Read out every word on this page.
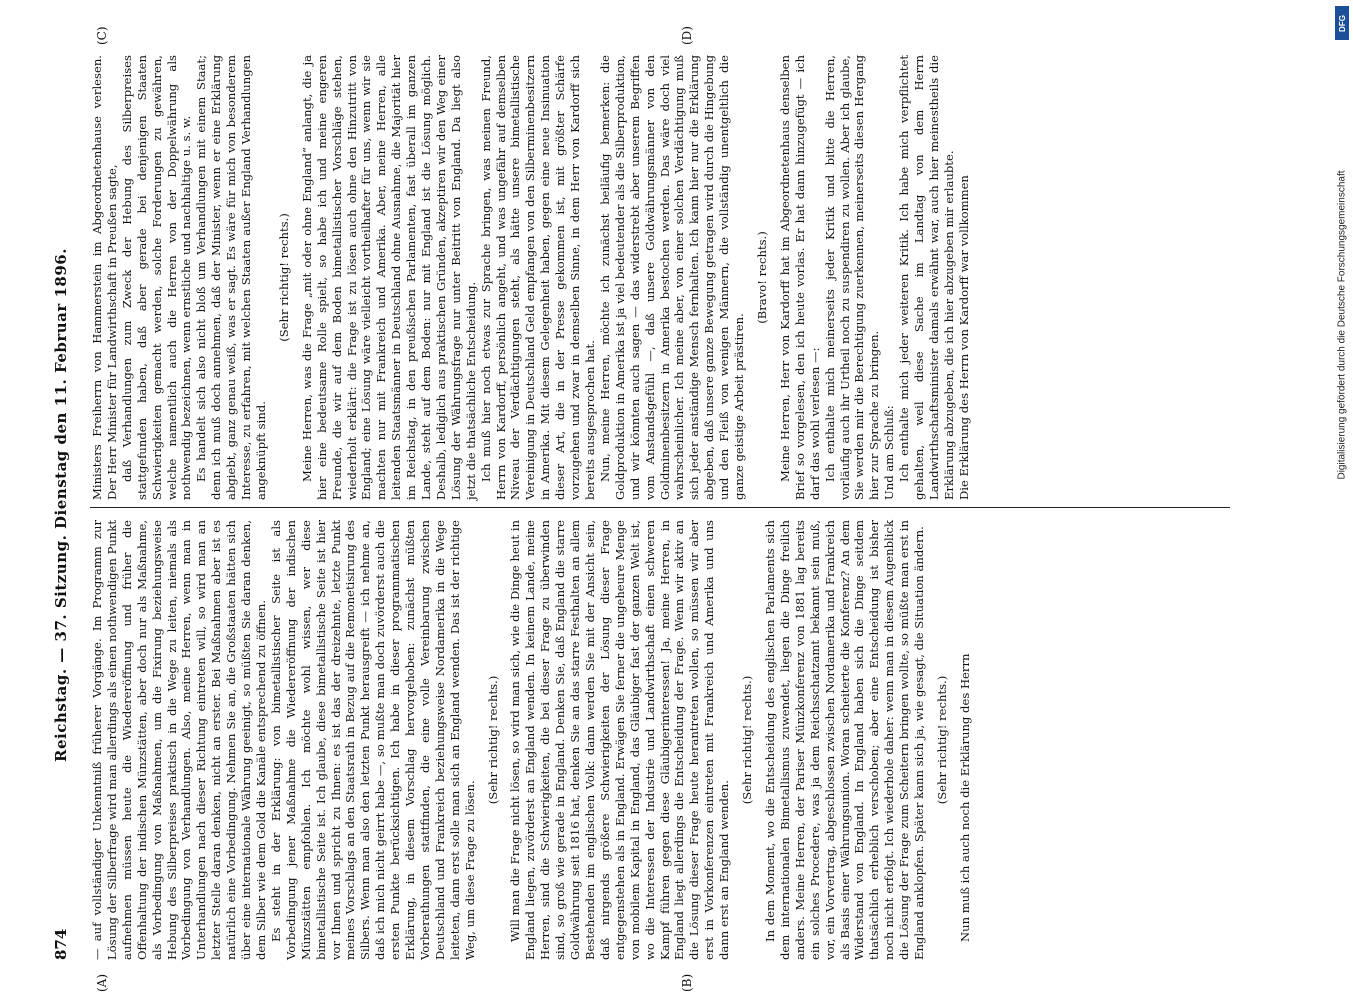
874
Reichstag. — 37. Sitzung. Dienstag den 11. Februar 1896.
(A)	(B)
(C)	(D)

— auf vollständiger Unkenntniß früherer Vorgänge. Im Programm zur Lösung der Silberfrage wird man allerdings als einen nothwendigen Punkt aufnehmen müssen heute die Wiedereröffnung und früher die Offenhaltung der indischen Münzstätten, aber doch nur als Maßnahme, als Vorbedingung von Maßnahmen, um die Fixirung beziehungsweise Hebung des Silberpreises praktisch in die Wege zu leiten, niemals als Vorbedingung von Verhandlungen. Also, meine Herren, wenn man in Unterhandlungen nach dieser Richtung eintreten will, so wird man an letzter Stelle daran denken, nicht an erster. Bei Maßnahmen aber ist es natürlich eine Vorbedingung. Nehmen Sie an, die Großstaaten hätten sich über eine internationale Währung geeinigt, so müßten Sie daran denken, dem Silber wie dem Gold die Kanäle entsprechend zu öffnen. Es steht in der Erklärung: von bimetallistischer Seite ist als Vorbedingung jener Maßnahme die Wiedereröffnung der indischen Münzstätten empfohlen. Ich möchte wohl wissen, wer diese bimetallistische Seite ist. Ich glaube, diese bimetallistische Seite ist hier vor Ihnen und spricht zu Ihnen: es ist das der dreizehnte, letzte Punkt meines Vorschlags an den Staatsrath in Bezug auf die Remonetisirung des Silbers. Wenn man also den letzten Punkt herausgreift — ich nehme an, daß ich mich nicht geirrt habe —, so mußte man doch zuvörderst auch die ersten Punkte berücksichtigen. Ich habe in dieser programmatischen Erklärung, in diesem Vorschlag hervorgehoben: zunächst müßten Vorberathungen stattfinden, die eine volle Vereinbarung zwischen Deutschland und Frankreich beziehungsweise Nordamerika in die Wege leiteten, dann erst solle man sich an England wenden. Das ist der richtige Weg, um diese Frage zu lösen.

(Sehr richtig! rechts.) Will man die Frage nicht lösen, so wird man sich, wie die Dinge heut in England liegen, zuvörderst an England wenden. In keinem Lande, meine Herren, sind die Schwierigkeiten, die bei dieser Frage zu überwinden sind, so groß wie gerade in England. Denken Sie, daß England die starre Goldwährung seit 1816 hat, denken Sie an das starre Festhalten an allem Bestehenden im englischen Volk: dann werden Sie mit der Ansicht sein, daß nirgends größere Schwierigkeiten der Lösung dieser Frage entgegenstehen als in England. Erwägen Sie ferner die ungeheure Menge von mobilem Kapital in England, das Gläubiger fast der ganzen Welt ist, wo die Interessen der Industrie und Landwirthschaft einen schweren Kampf führen gegen diese Gläubigerinteressen! Ja, meine Herren, in England liegt allerdings die Entscheidung der Frage. Wenn wir aktiv an die Lösung dieser Frage heute herantreten wollen, so müssen wir aber erst in Vorkonferenzen eintreten mit Frankreich und Amerika und uns dann erst an England wenden.

(Sehr richtig! rechts.) In dem Moment, wo die Entscheidung des englischen Parlaments sich dem internationalen Bimetallismus zuwendet, liegen die Dinge freilich anders. Meine Herren, der Pariser Münzkonferenz von 1881 lag bereits ein solches Procedere, was ja dem Reichsschatzamt bekannt sein muß, vor, ein Vorvertrag, abgeschlossen zwischen Nordamerika und Frankreich als Basis einer Währungsunion. Woran scheiterte die Konferenz? An dem Widerstand von England. In England haben sich die Dinge seitdem thatsächlich erheblich verschoben; aber eine Entscheidung ist bisher noch nicht erfolgt. Ich wiederhole daher: wenn man in diesem Augenblick die Lösung der Frage zum Scheitern bringen wollte, so müßte man erst in England anklopfen. Später kann sich ja, wie gesagt, die Situation ändern. (Sehr richtig! rechts.) Nun muß ich auch noch die Erklärung des Herrn

Ministers Freiherrn von Hammerstein im Abgeordnetenhause verlesen. Der Herr Minister für Landwirthschaft in Preußen sagte, daß Verhandlungen zum Zweck der Hebung des Silberpreises stattgefunden haben, daß aber gerade bei denjenigen Staaten Schwierigkeiten gemacht werden, solche Forderungen zu gewähren, welche namentlich auch die Herren von der Doppelwährung als nothwendig bezeichnen, wenn ernstliche und nachhaltige u. s. w. Es handelt sich also nicht bloß um Verhandlungen mit einem Staat; denn ich muß doch annehmen, daß der Minister, wenn er eine Erklärung abgiebt, ganz genau weiß, was er sagt. Es wäre für mich von besonderem Interesse, zu erfahren, mit welchen Staaten außer England Verhandlungen angeknüpft sind.

(Sehr richtig! rechts.) Meine Herren, was die Frage „mit oder ohne England“ anlangt, die ja hier eine bedeutsame Rolle spielt, so habe ich und meine engeren Freunde, die wir auf dem Boden bimetallistischer Vorschläge stehen, wiederholt erklärt: die Frage ist zu lösen auch ohne den Hinzutritt von England; eine Lösung wäre vielleicht vortheilhafter für uns, wenn wir sie machten nur mit Frankreich und Amerika. Aber, meine Herren, alle leitenden Staatsmänner in Deutschland ohne Ausnahme, die Majorität hier im Reichstag, in den preußischen Parlamenten, fast überall im ganzen Lande, steht auf dem Boden: nur mit England ist die Lösung möglich. Deshalb, lediglich aus praktischen Gründen, akzeptiren wir den Weg einer Lösung der Währungsfrage nur unter Beitritt von England. Da liegt also jetzt die thatsächliche Entscheidung. Ich muß hier noch etwas zur Sprache bringen, was meinen Freund, Herrn von Kardorff, persönlich angeht, und was ungefähr auf demselben Niveau der Verdächtigungen steht, als hätte unsere bimetallistische Vereinigung in Deutschland Geld empfangen von den Silberminenbesitzern in Amerika. Mit diesem Gelegenheit haben, gegen eine neue Insinuation dieser Art, die in der Presse gekommen ist, mit größter Schärfe vorzugehen und zwar in demselben Sinne, in dem Herr von Kardorff sich bereits ausgesprochen hat. Nun, meine Herren, möchte ich zunächst beiläufig bemerken: die Goldproduktion in Amerika ist ja viel bedeutender als die Silberproduktion, und wir könnten auch sagen — das widerstrebt aber unserem Begriffen vom Anstandsgefühl —, daß unsere Goldwährungsmänner von den Goldminenbesitzern in Amerika bestochen werden. Das wäre doch viel wahrscheinlicher. Ich meine aber, von einer solchen Verdächtigung muß sich jeder anständige Mensch fernhalten. Ich kann hier nur die Erklärung abgeben, daß unsere ganze Bewegung getragen wird durch die Hingebung und den Fleiß von wenigen Männern, die vollständig unentgeltlich die ganze geistige Arbeit prästiren.

(Bravo! rechts.) Meine Herren, Herr von Kardorff hat im Abgeordnetenhaus denselben Brief so vorgelesen, den ich heute vorlas. Er hat dann hinzugefügt — ich darf das wohl verlesen —: Ich enthalte mich meinerseits jeder Kritik und bitte die Herren, vorläufig auch ihr Urtheil noch zu suspendiren zu wollen. Aber ich glaube, Sie werden mir die Berechtigung zuerkennen, meinerseits diesen Hergang hier zur Sprache zu bringen. Und am Schluß: Ich enthalte mich jeder weiteren Kritik. Ich habe mich verpflichtet gehalten, weil diese Sache im Landtag von dem Herrn Landwirthschaftsminister damals erwähnt war, auch hier meinestheils die Erklärung abzugeben, die ich hier abzugeben mir erlaubte. Die Erklärung des Herrn von Kardorff war vollkommen

DFG
Digitalisierung gefördert durch die Deutsche Forschungsgemeinschaft
